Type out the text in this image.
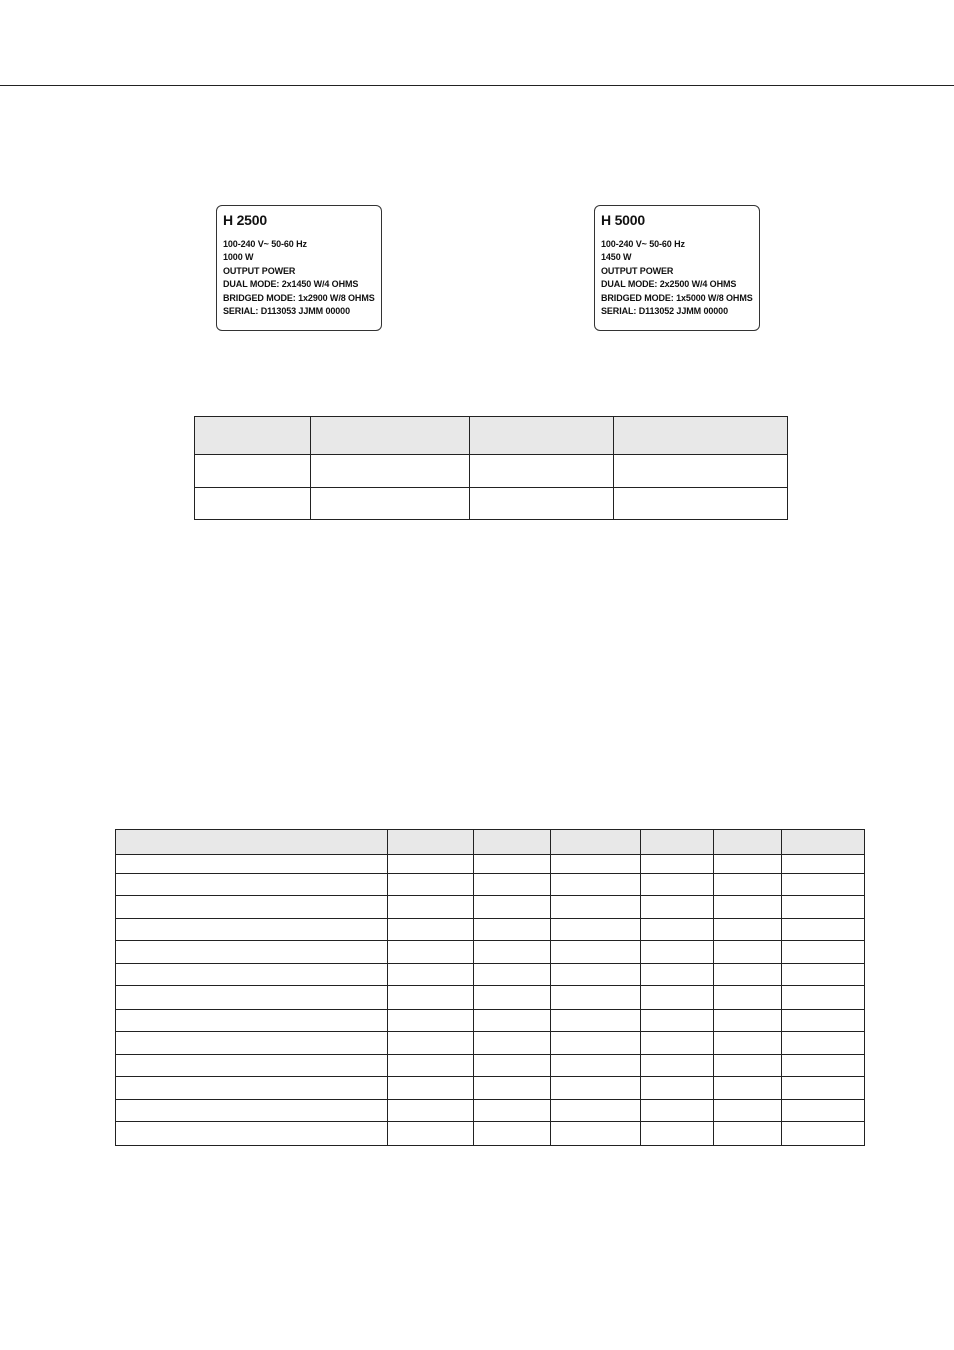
H 2500
100-240 V~ 50-60 Hz
1000 W
OUTPUT POWER
DUAL MODE: 2x1450 W/4 OHMS
BRIDGED MODE: 1x2900 W/8 OHMS
SERIAL: D113053 JJMM 00000
H 5000
100-240 V~ 50-60 Hz
1450 W
OUTPUT POWER
DUAL MODE: 2x2500 W/4 OHMS
BRIDGED MODE: 1x5000 W/8 OHMS
SERIAL: D113052 JJMM 00000
